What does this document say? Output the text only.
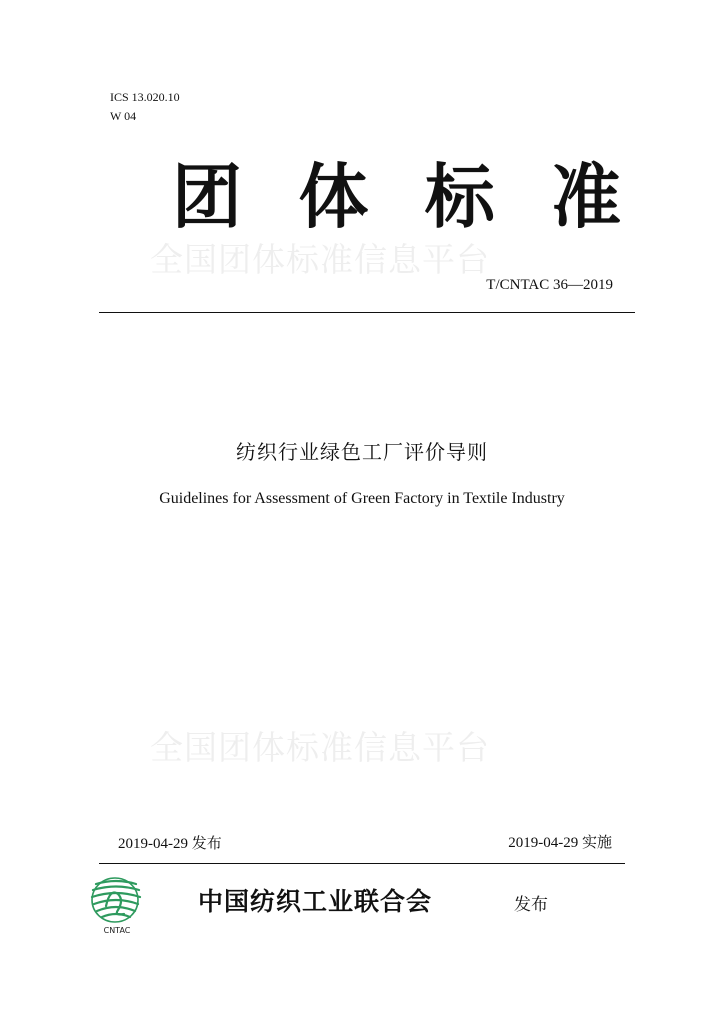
ICS 13.020.10
W 04
全国团体标准信息平台
团 体 标 准
T/CNTAC 36—2019
纺织行业绿色工厂评价导则
Guidelines for Assessment of Green Factory in Textile Industry
全国团体标准信息平台
2019-04-29 发布	2019-04-29 实施
CNTAC
中国纺织工业联合会	发布
